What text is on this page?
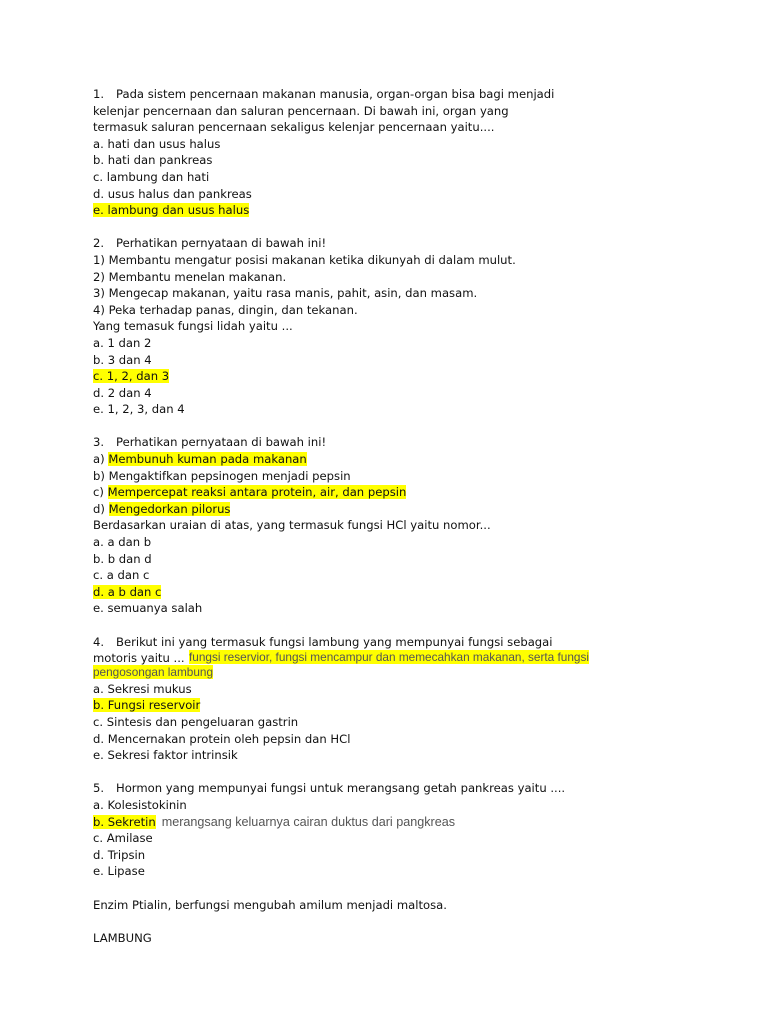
1. Pada sistem pencernaan makanan manusia, organ-organ bisa bagi menjadi
kelenjar pencernaan dan saluran pencernaan. Di bawah ini, organ yang
termasuk saluran pencernaan sekaligus kelenjar pencernaan yaitu....
a. hati dan usus halus
b. hati dan pankreas
c. lambung dan hati
d. usus halus dan pankreas
e. lambung dan usus halus
2. Perhatikan pernyataan di bawah ini!
1) Membantu mengatur posisi makanan ketika dikunyah di dalam mulut.
2) Membantu menelan makanan.
3) Mengecap makanan, yaitu rasa manis, pahit, asin, dan masam.
4) Peka terhadap panas, dingin, dan tekanan.
Yang temasuk fungsi lidah yaitu ...
a. 1 dan 2
b. 3 dan 4
c. 1, 2, dan 3
d. 2 dan 4
e. 1, 2, 3, dan 4
3. Perhatikan pernyataan di bawah ini!
a) Membunuh kuman pada makanan
b) Mengaktifkan pepsinogen menjadi pepsin
c) Mempercepat reaksi antara protein, air, dan pepsin
d) Mengedorkan pilorus
Berdasarkan uraian di atas, yang termasuk fungsi HCl yaitu nomor...
a. a dan b
b. b dan d
c. a dan c
d. a b dan c
e. semuanya salah
4. Berikut ini yang termasuk fungsi lambung yang mempunyai fungsi sebagai
motoris yaitu ... fungsi reservior, fungsi mencampur dan memecahkan makanan, serta fungsi
pengosongan lambung
a. Sekresi mukus
b. Fungsi reservoir
c. Sintesis dan pengeluaran gastrin
d. Mencernakan protein oleh pepsin dan HCl
e. Sekresi faktor intrinsik
5. Hormon yang mempunyai fungsi untuk merangsang getah pankreas yaitu ....
a. Kolesistokinin
b. Sekretin merangsang keluarnya cairan duktus dari pangkreas
c. Amilase
d. Tripsin
e. Lipase
Enzim Ptialin, berfungsi mengubah amilum menjadi maltosa.
LAMBUNG
